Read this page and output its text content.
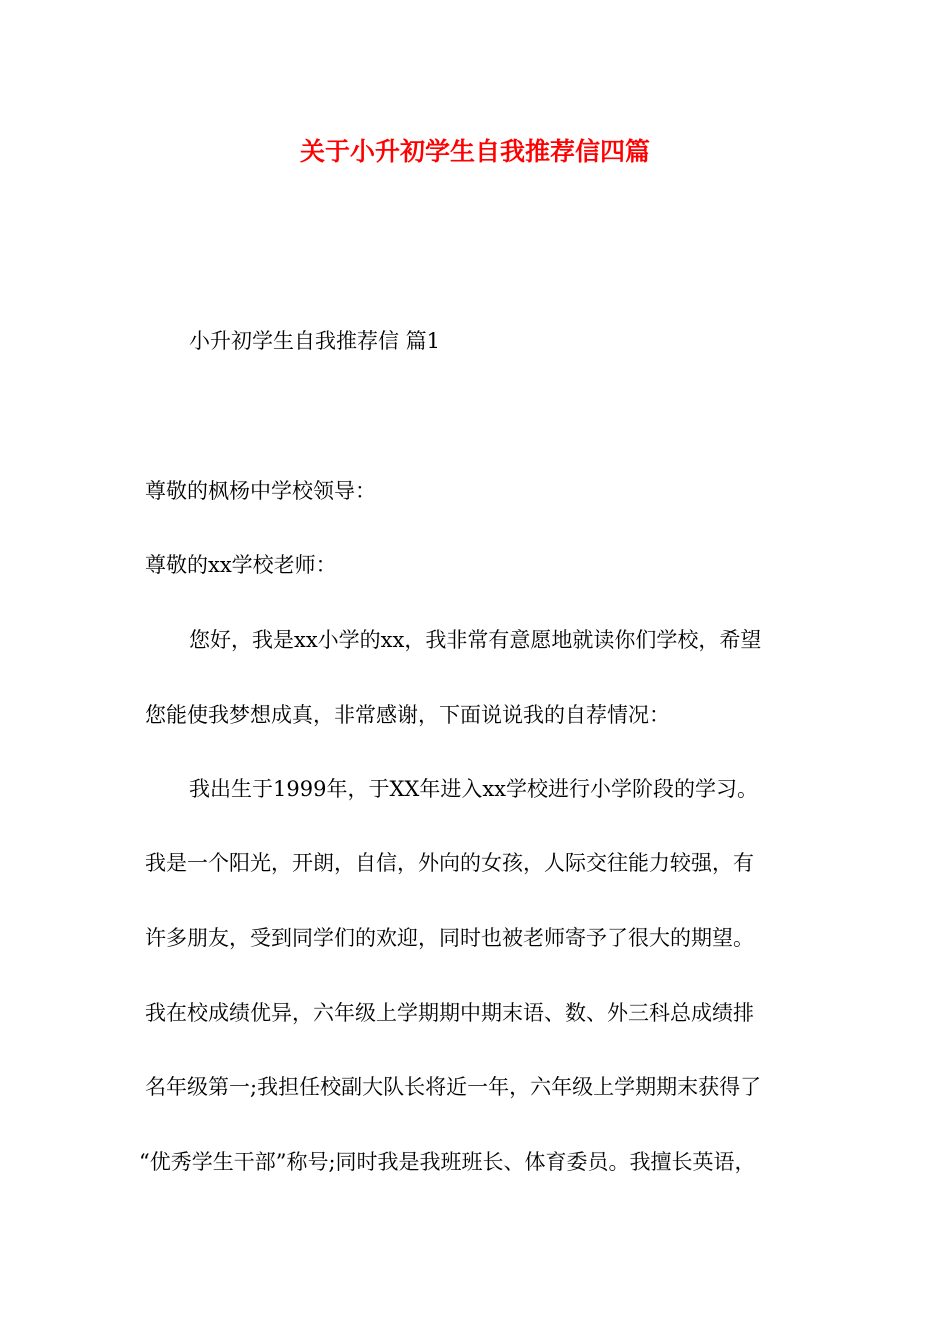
关于小升初学生自我推荐信四篇

小升初学生自我推荐信 篇1

尊敬的枫杨中学校领导：

尊敬的xx学校老师：

您好，我是xx小学的xx，我非常有意愿地就读你们学校，希望

您能使我梦想成真，非常感谢，下面说说我的自荐情况：

我出生于1999年，于XX年进入xx学校进行小学阶段的学习。

我是一个阳光，开朗，自信，外向的女孩，人际交往能力较强，有

许多朋友，受到同学们的欢迎，同时也被老师寄予了很大的期望。

我在校成绩优异，六年级上学期期中期末语、数、外三科总成绩排

名年级第一;我担任校副大队长将近一年，六年级上学期期末获得了

“优秀学生干部”称号;同时我是我班班长、体育委员。我擅长英语，
